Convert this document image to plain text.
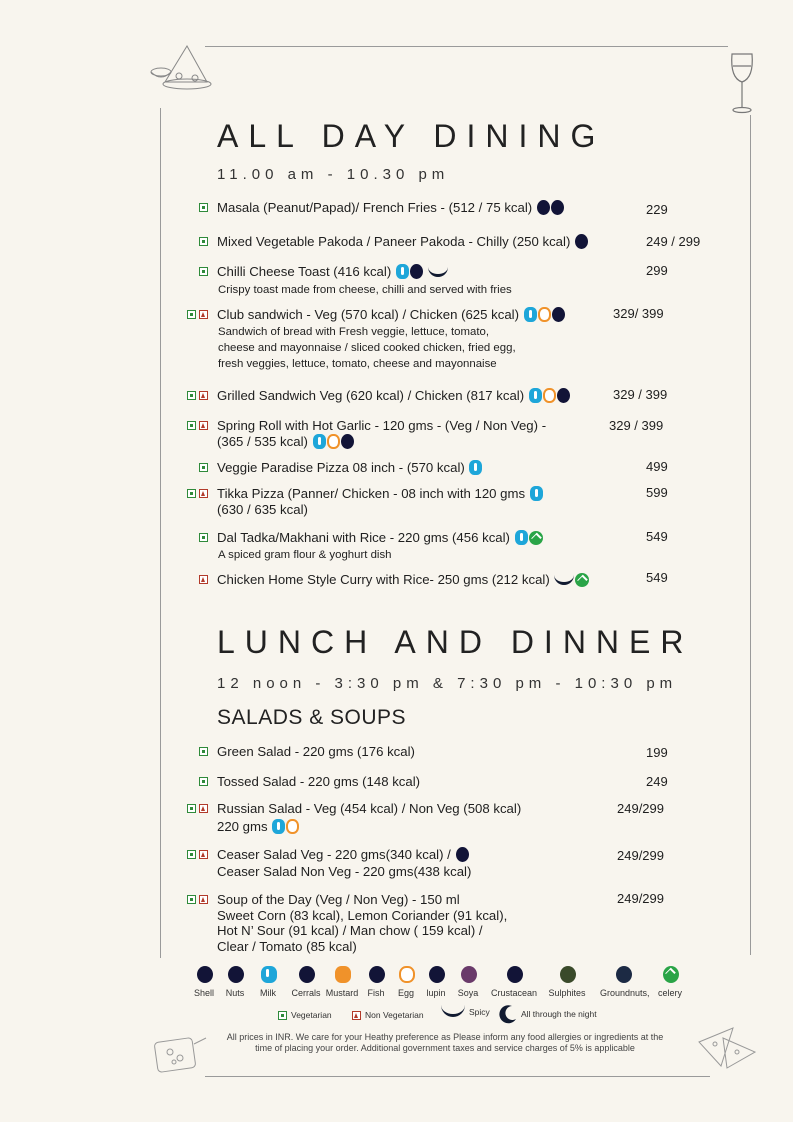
ALL DAY DINING
11.00 am - 10.30 pm
Masala (Peanut/Papad)/ French Fries - (512 / 75 kcal)	229
Mixed Vegetable Pakoda / Paneer Pakoda - Chilly (250 kcal)	249 / 299
Chilli Cheese Toast (416 kcal)
Crispy toast made from cheese, chilli and served with fries
299
Club sandwich - Veg (570 kcal) / Chicken (625 kcal)
Sandwich of bread with Fresh veggie, lettuce, tomato,
cheese and mayonnaise / sliced cooked chicken, fried egg,
fresh veggies, lettuce, tomato, cheese and mayonnaise
329/ 399
Grilled Sandwich Veg (620 kcal) / Chicken (817 kcal)	329 / 399
Spring Roll with Hot Garlic - 120 gms - (Veg / Non Veg) -
(365 / 535 kcal)
329 / 399
Veggie Paradise Pizza 08 inch - (570 kcal)	499
Tikka Pizza (Panner/ Chicken - 08 inch with 120 gms
(630 / 635 kcal)
599
Dal Tadka/Makhani with Rice - 220 gms (456 kcal)
A spiced gram flour & yoghurt dish
549
Chicken Home Style Curry with Rice- 250 gms (212 kcal)	549
LUNCH AND DINNER
12 noon - 3:30 pm & 7:30 pm - 10:30 pm
SALADS & SOUPS
Green Salad - 220 gms (176 kcal)	199
Tossed Salad - 220 gms (148 kcal)	249
Russian Salad - Veg (454 kcal) / Non Veg (508 kcal)
220 gms
249/299
Ceaser Salad Veg - 220 gms(340 kcal) /
Ceaser Salad Non Veg - 220 gms(438 kcal)
249/299
Soup of the Day (Veg / Non Veg) - 150 ml
Sweet Corn (83 kcal), Lemon Coriander (91 kcal),
Hot N’ Sour (91 kcal) / Man chow ( 159 kcal) /
Clear / Tomato (85 kcal)
249/299
Shell	Nuts	Milk	Cerrals Mustard	Fish	Egg	lupin	Soya	Crustacean	Sulphites	Groundnuts, celery
Vegetarian	Non Vegetarian	Spicy	All through the night
All prices in INR. We care for your Heathy preference as Please inform any food allergies or ingredients at the
time of placing your order. Additional government taxes and service charges of 5% is applicable
